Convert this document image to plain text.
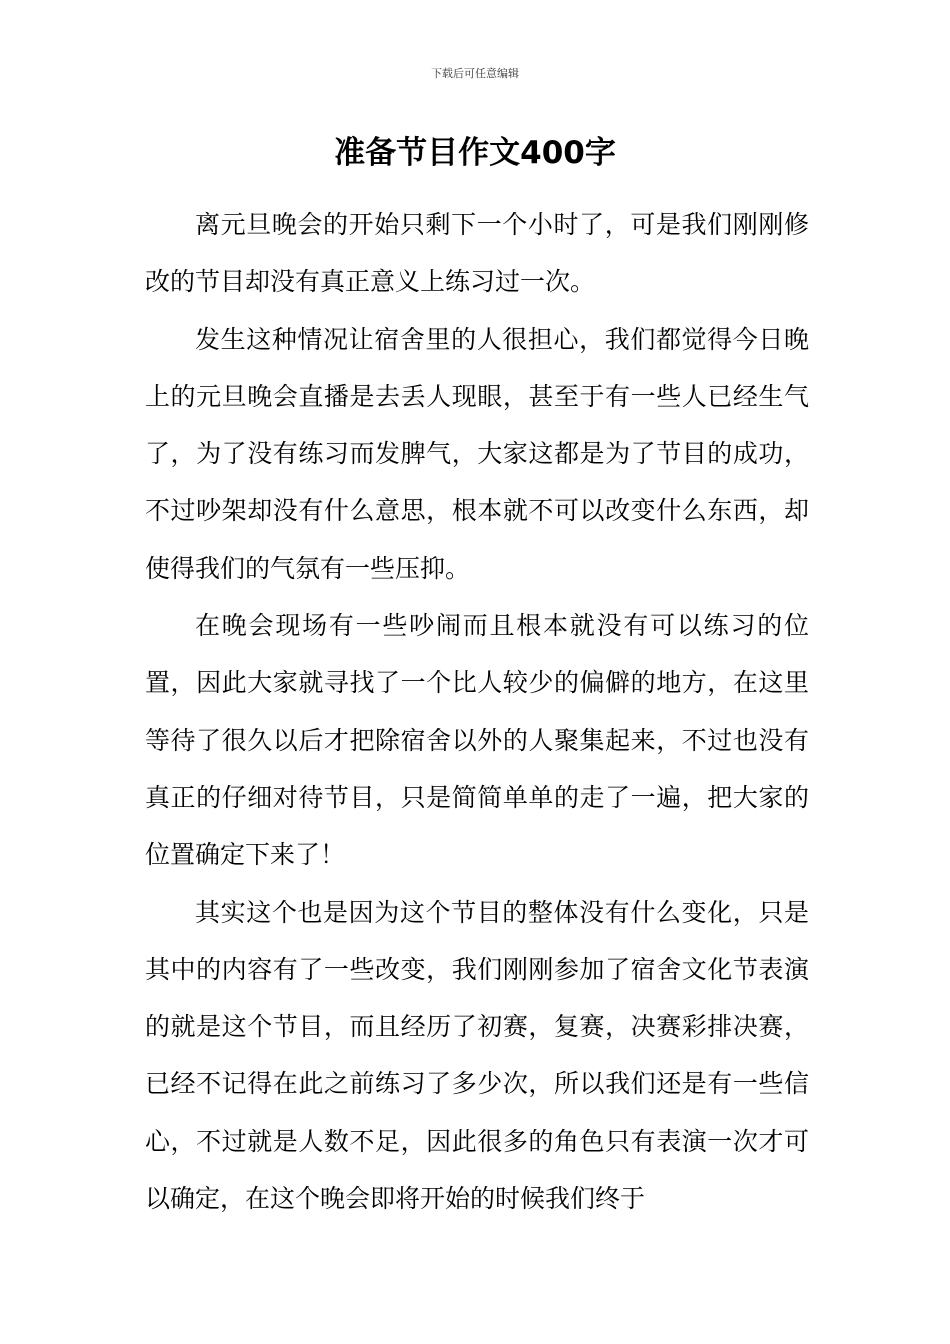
下载后可任意编辑
准备节目作文400字

离元旦晚会的开始只剩下一个小时了，可是我们刚刚修改的节目却没有真正意义上练习过一次。

发生这种情况让宿舍里的人很担心，我们都觉得今日晚上的元旦晚会直播是去丢人现眼，甚至于有一些人已经生气了，为了没有练习而发脾气，大家这都是为了节目的成功，不过吵架却没有什么意思，根本就不可以改变什么东西，却使得我们的气氛有一些压抑。

在晚会现场有一些吵闹而且根本就没有可以练习的位置，因此大家就寻找了一个比人较少的偏僻的地方，在这里等待了很久以后才把除宿舍以外的人聚集起来，不过也没有真正的仔细对待节目，只是简简单单的走了一遍，把大家的位置确定下来了！

其实这个也是因为这个节目的整体没有什么变化，只是其中的内容有了一些改变，我们刚刚参加了宿舍文化节表演的就是这个节目，而且经历了初赛，复赛，决赛彩排决赛，已经不记得在此之前练习了多少次，所以我们还是有一些信心，不过就是人数不足，因此很多的角色只有表演一次才可以确定，在这个晚会即将开始的时候我们终于
